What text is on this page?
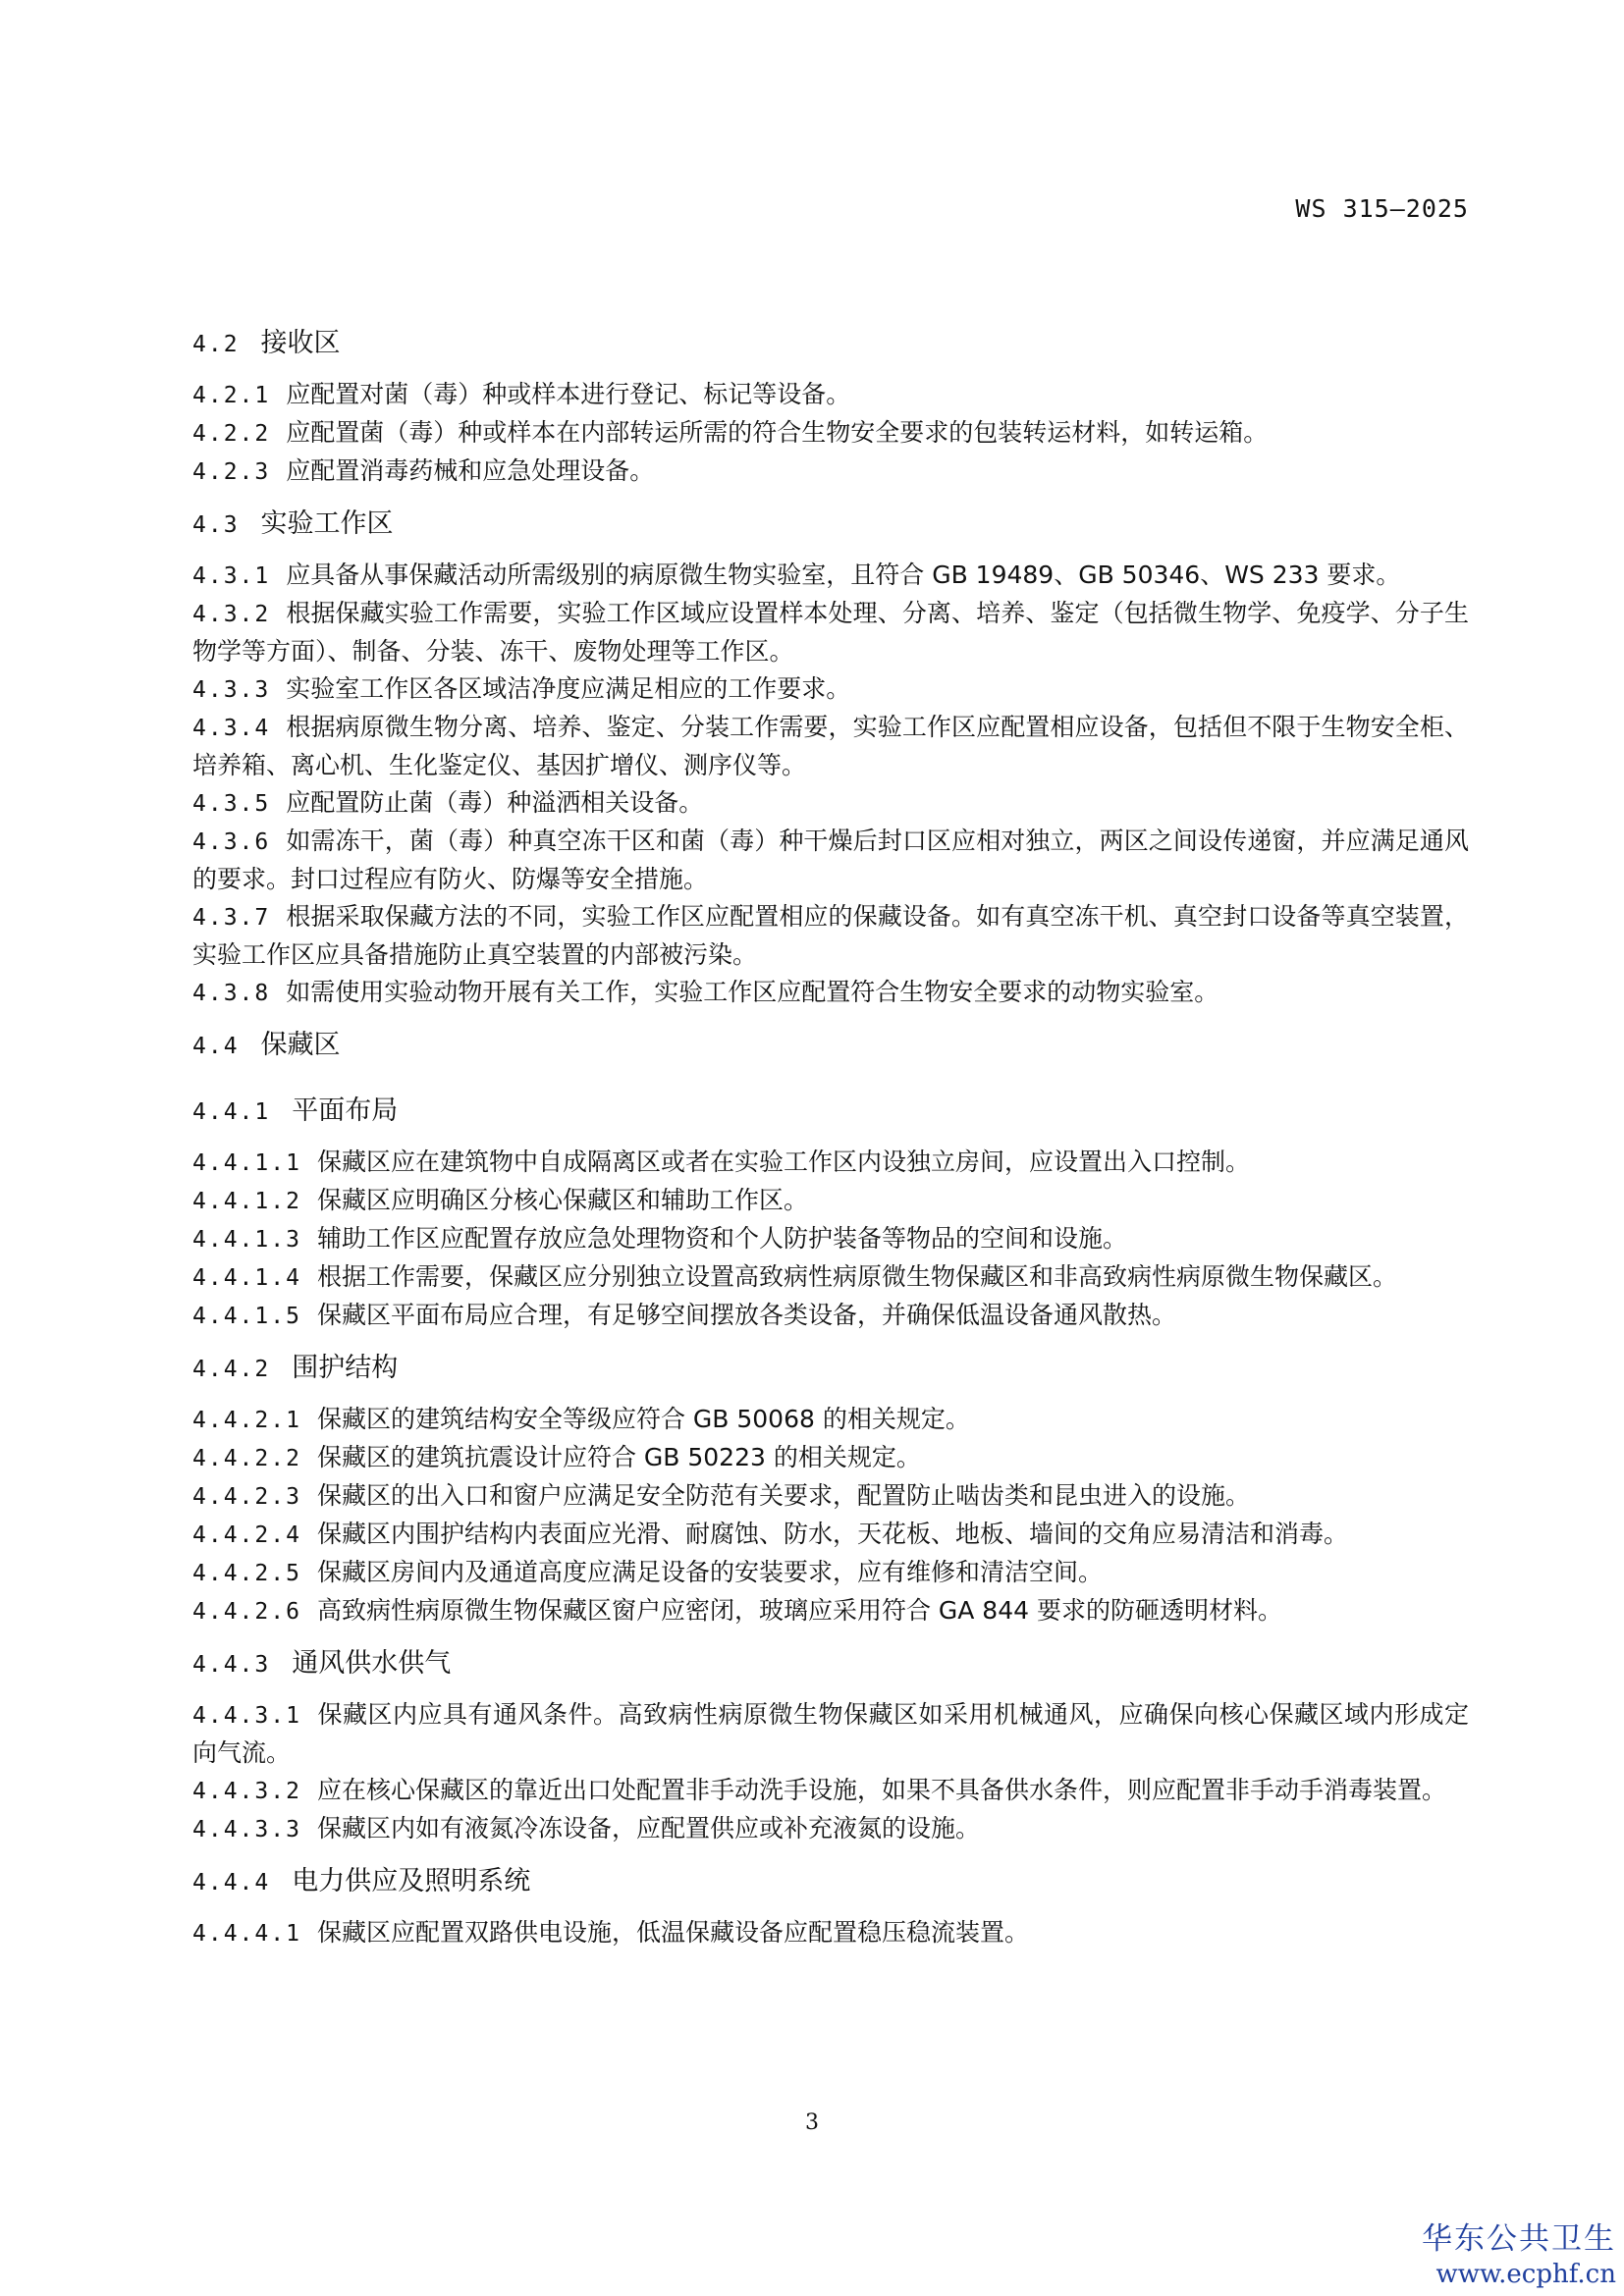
WS 315—2025
4.2 接收区
4.2.1 应配置对菌（毒）种或样本进行登记、标记等设备。
4.2.2 应配置菌（毒）种或样本在内部转运所需的符合生物安全要求的包装转运材料，如转运箱。
4.2.3 应配置消毒药械和应急处理设备。
4.3 实验工作区
4.3.1 应具备从事保藏活动所需级别的病原微生物实验室，且符合 GB 19489、GB 50346、WS 233 要求。
4.3.2 根据保藏实验工作需要，实验工作区域应设置样本处理、分离、培养、鉴定（包括微生物学、免疫学、分子生物学等方面）、制备、分装、冻干、废物处理等工作区。
4.3.3 实验室工作区各区域洁净度应满足相应的工作要求。
4.3.4 根据病原微生物分离、培养、鉴定、分装工作需要，实验工作区应配置相应设备，包括但不限于生物安全柜、培养箱、离心机、生化鉴定仪、基因扩增仪、测序仪等。
4.3.5 应配置防止菌（毒）种溢洒相关设备。
4.3.6 如需冻干，菌（毒）种真空冻干区和菌（毒）种干燥后封口区应相对独立，两区之间设传递窗，并应满足通风的要求。封口过程应有防火、防爆等安全措施。
4.3.7 根据采取保藏方法的不同，实验工作区应配置相应的保藏设备。如有真空冻干机、真空封口设备等真空装置，实验工作区应具备措施防止真空装置的内部被污染。
4.3.8 如需使用实验动物开展有关工作，实验工作区应配置符合生物安全要求的动物实验室。
4.4 保藏区
4.4.1 平面布局
4.4.1.1 保藏区应在建筑物中自成隔离区或者在实验工作区内设独立房间，应设置出入口控制。
4.4.1.2 保藏区应明确区分核心保藏区和辅助工作区。
4.4.1.3 辅助工作区应配置存放应急处理物资和个人防护装备等物品的空间和设施。
4.4.1.4 根据工作需要，保藏区应分别独立设置高致病性病原微生物保藏区和非高致病性病原微生物保藏区。
4.4.1.5 保藏区平面布局应合理，有足够空间摆放各类设备，并确保低温设备通风散热。
4.4.2 围护结构
4.4.2.1 保藏区的建筑结构安全等级应符合 GB 50068 的相关规定。
4.4.2.2 保藏区的建筑抗震设计应符合 GB 50223 的相关规定。
4.4.2.3 保藏区的出入口和窗户应满足安全防范有关要求，配置防止啮齿类和昆虫进入的设施。
4.4.2.4 保藏区内围护结构内表面应光滑、耐腐蚀、防水，天花板、地板、墙间的交角应易清洁和消毒。
4.4.2.5 保藏区房间内及通道高度应满足设备的安装要求，应有维修和清洁空间。
4.4.2.6 高致病性病原微生物保藏区窗户应密闭，玻璃应采用符合 GA 844 要求的防砸透明材料。
4.4.3 通风供水供气
4.4.3.1 保藏区内应具有通风条件。高致病性病原微生物保藏区如采用机械通风，应确保向核心保藏区域内形成定向气流。
4.4.3.2 应在核心保藏区的靠近出口处配置非手动洗手设施，如果不具备供水条件，则应配置非手动手消毒装置。
4.4.3.3 保藏区内如有液氮冷冻设备，应配置供应或补充液氮的设施。
4.4.4 电力供应及照明系统
4.4.4.1 保藏区应配置双路供电设施，低温保藏设备应配置稳压稳流装置。
3
华东公共卫生
www.ecphf.cn
